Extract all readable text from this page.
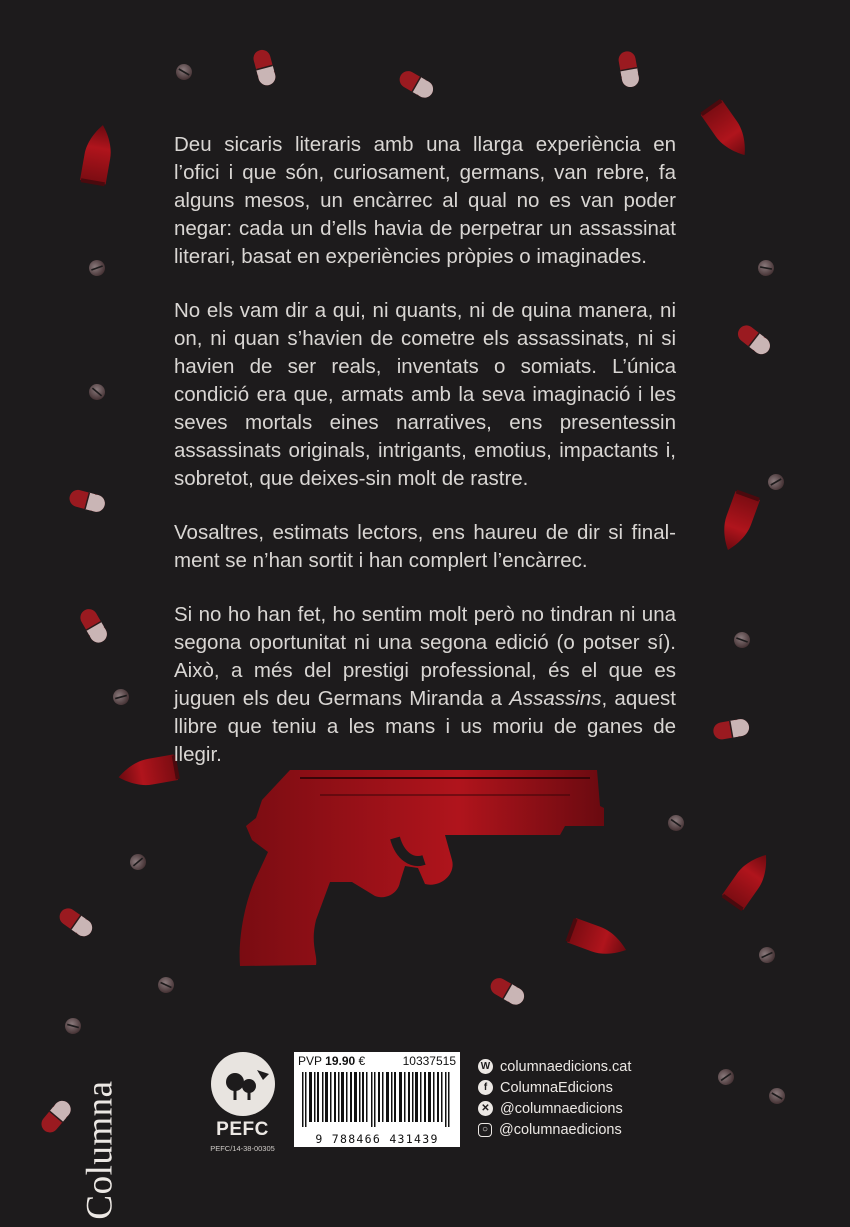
Deu sicaris literaris amb una llarga experiència en l’ofici i que són, curiosament, germans, van rebre, fa alguns mesos, un encàrrec al qual no es van poder negar: cada un d’ells havia de perpetrar un assassinat literari, basat en experiències pròpies o imaginades.

No els vam dir a qui, ni quants, ni de quina manera, ni on, ni quan s’havien de cometre els assassinats, ni si havien de ser reals, inventats o somiats. L’única condició era que, armats amb la seva imaginació i les seves mortals eines narratives, ens presentessin assassinats originals, intrigants, emotius, impactants i, sobretot, que deixes-sin molt de rastre.

Vosaltres, estimats lectors, ens haureu de dir si final-ment se n’han sortit i han complert l’encàrrec.

Si no ho han fet, ho sentim molt però no tindran ni una segona oportunitat ni una segona edició (o potser sí). Això, a més del prestigi professional, és el que es juguen els deu Germans Miranda a Assassins, aquest llibre que teniu a les mans i us moriu de ganes de llegir.

Columna	PEFC
PEFC/14-38-00305
PVP 19.90 €	10337515
9 788466 431439
W columnaedicions.cat
f ColumnaEdicions
✕ @columnaedicions
○ @columnaedicions
